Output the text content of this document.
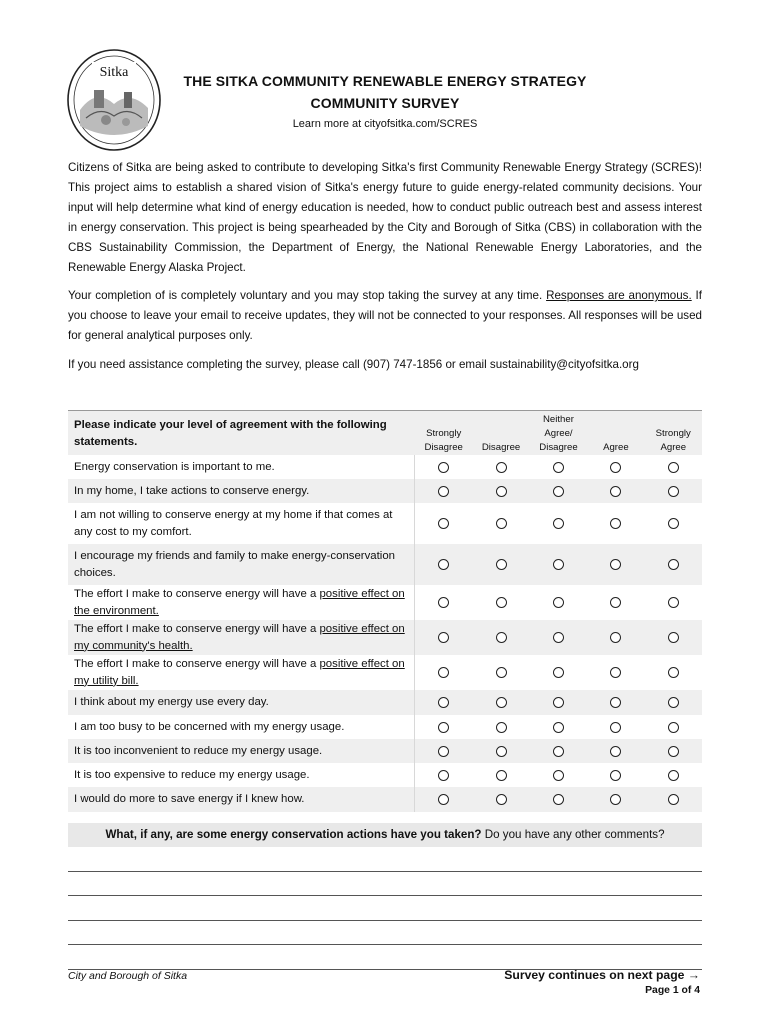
Sitka
THE SITKA COMMUNITY RENEWABLE ENERGY STRATEGY
COMMUNITY SURVEY
Learn more at cityofsitka.com/SCRES

Citizens of Sitka are being asked to contribute to developing Sitka's first Community Renewable Energy Strategy (SCRES)! This project aims to establish a shared vision of Sitka's energy future to guide energy-related community decisions. Your input will help determine what kind of energy education is needed, how to conduct public outreach best and assess interest in energy conservation. This project is being spearheaded by the City and Borough of Sitka (CBS) in collaboration with the CBS Sustainability Commission, the Department of Energy, the National Renewable Energy Laboratories, and the Renewable Energy Alaska Project.

Your completion of is completely voluntary and you may stop taking the survey at any time. Responses are anonymous. If you choose to leave your email to receive updates, they will not be connected to your responses. All responses will be used for general analytical purposes only.

If you need assistance completing the survey, please call (907) 747-1856 or email sustainability@cityofsitka.org

Please indicate your level of agreement with the following statements.
Strongly
Disagree Disagree
Neither
Agree/
Disagree	Agree
Strongly
Agree
Energy conservation is important to me.
In my home, I take actions to conserve energy.
I am not willing to conserve energy at my home if that comes at any cost to my comfort.
I encourage my friends and family to make energy-conservation choices.
The effort I make to conserve energy will have a positive effect on the environment.
The effort I make to conserve energy will have a positive effect on my community's health.
The effort I make to conserve energy will have a positive effect on my utility bill.
I think about my energy use every day.
I am too busy to be concerned with my energy usage.
It is too inconvenient to reduce my energy usage.
It is too expensive to reduce my energy usage.
I would do more to save energy if I knew how.
What, if any, are some energy conservation actions have you taken? Do you have any other comments?
City and Borough of Sitka	Survey continues on next page →
Page 1 of 4
